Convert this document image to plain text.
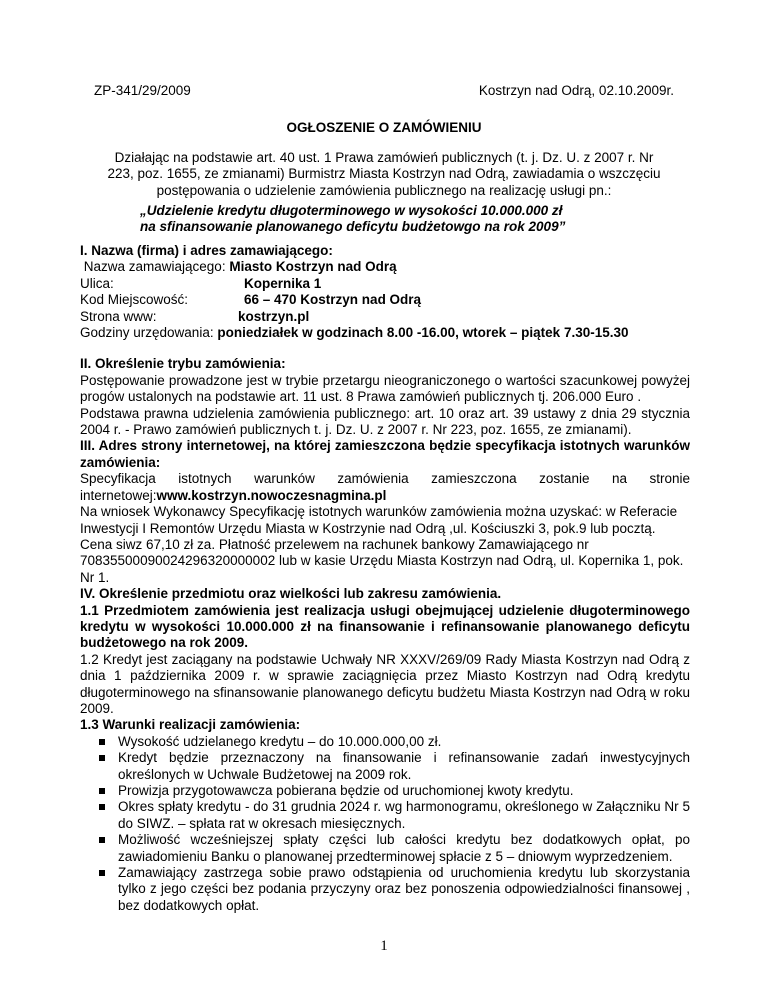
ZP-341/29/2009	Kostrzyn nad Odrą, 02.10.2009r.
OGŁOSZENIE O ZAMÓWIENIU
Działając na podstawie art. 40 ust. 1 Prawa zamówień publicznych (t. j. Dz. U. z 2007 r. Nr 223, poz. 1655, ze zmianami) Burmistrz Miasta Kostrzyn nad Odrą, zawiadamia o wszczęciu postępowania o udzielenie zamówienia publicznego na realizację usługi pn.:
„Udzielenie kredytu długoterminowego w wysokości 10.000.000 zł
na sfinansowanie planowanego deficytu budżetowgo na rok 2009”
I. Nazwa (firma) i adres zamawiającego:
Nazwa zamawiającego: Miasto Kostrzyn nad Odrą
Ulica:	Kopernika 1
Kod Miejscowość:	66 – 470 Kostrzyn nad Odrą
Strona www:	kostrzyn.pl
Godziny urzędowania: poniedziałek w godzinach 8.00 -16.00, wtorek – piątek 7.30-15.30
II. Określenie trybu zamówienia:
Postępowanie prowadzone jest w trybie przetargu nieograniczonego o wartości szacunkowej powyżej progów ustalonych na podstawie art. 11 ust. 8 Prawa zamówień publicznych tj. 206.000 Euro .
Podstawa prawna udzielenia zamówienia publicznego: art. 10 oraz art. 39 ustawy z dnia 29 stycznia 2004 r. - Prawo zamówień publicznych t. j. Dz. U. z 2007 r. Nr 223, poz. 1655, ze zmianami).
III. Adres strony internetowej, na której zamieszczona będzie specyfikacja istotnych warunków zamówienia:
Specyfikacja istotnych warunków zamówienia zamieszczona zostanie na stronie internetowej:www.kostrzyn.nowoczesnagmina.pl
Na wniosek Wykonawcy Specyfikację istotnych warunków zamówienia można uzyskać: w Referacie Inwestycji I Remontów Urzędu Miasta w Kostrzynie nad Odrą ,ul. Kościuszki 3, pok.9 lub pocztą. Cena siwz 67,10 zł za. Płatność przelewem na rachunek bankowy Zamawiającego nr 70835500090024296320000002 lub w kasie Urzędu Miasta Kostrzyn nad Odrą, ul. Kopernika 1, pok. Nr 1.
IV. Określenie przedmiotu oraz wielkości lub zakresu zamówienia.
1.1 Przedmiotem zamówienia jest realizacja usługi obejmującej udzielenie długoterminowego kredytu w wysokości 10.000.000 zł na finansowanie i refinansowanie planowanego deficytu budżetowego na rok 2009.
1.2 Kredyt jest zaciągany na podstawie Uchwały NR XXXV/269/09 Rady Miasta Kostrzyn nad Odrą z dnia 1 października 2009 r. w sprawie zaciągnięcia przez Miasto Kostrzyn nad Odrą kredytu długoterminowego na sfinansowanie planowanego deficytu budżetu Miasta Kostrzyn nad Odrą w roku 2009.
1.3 Warunki realizacji zamówienia:
Wysokość udzielanego kredytu – do 10.000.000,00 zł.
Kredyt będzie przeznaczony na finansowanie i refinansowanie zadań inwestycyjnych określonych w Uchwale Budżetowej na 2009 rok.
Prowizja przygotowawcza pobierana będzie od uruchomionej kwoty kredytu.
Okres spłaty kredytu - do 31 grudnia 2024 r. wg harmonogramu, określonego w Załączniku Nr 5 do SIWZ. – spłata rat w okresach miesięcznych.
Możliwość wcześniejszej spłaty części lub całości kredytu bez dodatkowych opłat, po zawiadomieniu Banku o planowanej przedterminowej spłacie z 5 – dniowym wyprzedzeniem.
Zamawiający zastrzega sobie prawo odstąpienia od uruchomienia kredytu lub skorzystania tylko z jego części bez podania przyczyny oraz bez ponoszenia odpowiedzialności finansowej , bez dodatkowych opłat.
1
